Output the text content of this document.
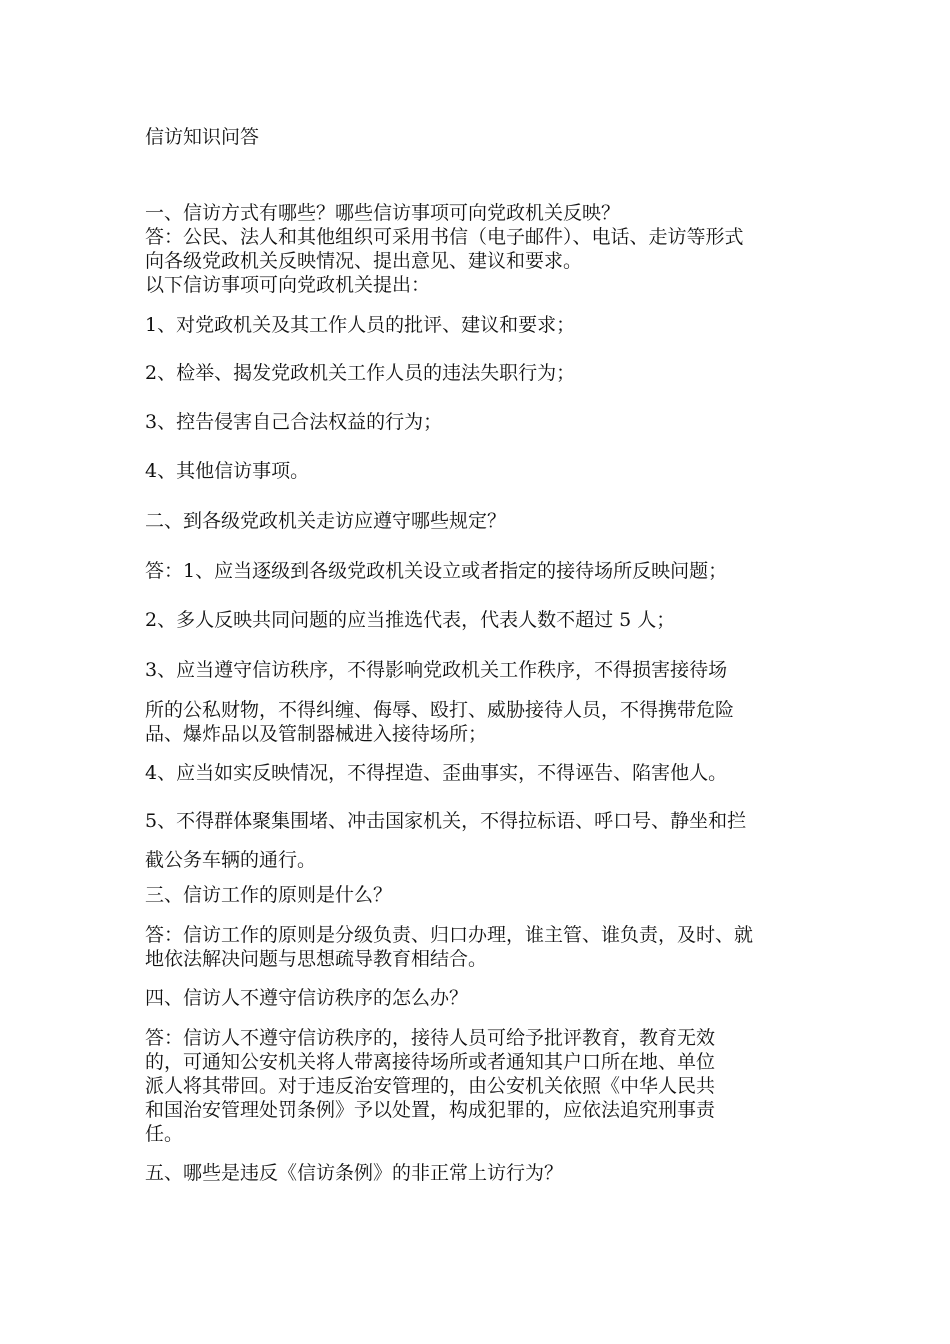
信访知识问答
一、信访方式有哪些？哪些信访事项可向党政机关反映？
答：公民、法人和其他组织可采用书信（电子邮件）、电话、走访等形式
向各级党政机关反映情况、提出意见、建议和要求。
以下信访事项可向党政机关提出：
1、对党政机关及其工作人员的批评、建议和要求；
2、检举、揭发党政机关工作人员的违法失职行为；
3、控告侵害自己合法权益的行为；
4、其他信访事项。
二、到各级党政机关走访应遵守哪些规定？
答：1、应当逐级到各级党政机关设立或者指定的接待场所反映问题；
2、多人反映共同问题的应当推选代表，代表人数不超过 5 人；
3、应当遵守信访秩序，不得影响党政机关工作秩序，不得损害接待场
所的公私财物，不得纠缠、侮辱、殴打、威胁接待人员，不得携带危险
品、爆炸品以及管制器械进入接待场所；
4、应当如实反映情况，不得捏造、歪曲事实，不得诬告、陷害他人。
5、不得群体聚集围堵、冲击国家机关，不得拉标语、呼口号、静坐和拦
截公务车辆的通行。
三、信访工作的原则是什么？
答：信访工作的原则是分级负责、归口办理，谁主管、谁负责，及时、就
地依法解决问题与思想疏导教育相结合。
四、信访人不遵守信访秩序的怎么办？
答：信访人不遵守信访秩序的，接待人员可给予批评教育，教育无效
的，可通知公安机关将人带离接待场所或者通知其户口所在地、单位
派人将其带回。对于违反治安管理的，由公安机关依照《中华人民共
和国治安管理处罚条例》予以处置，构成犯罪的，应依法追究刑事责
任。
五、哪些是违反《信访条例》的非正常上访行为？
